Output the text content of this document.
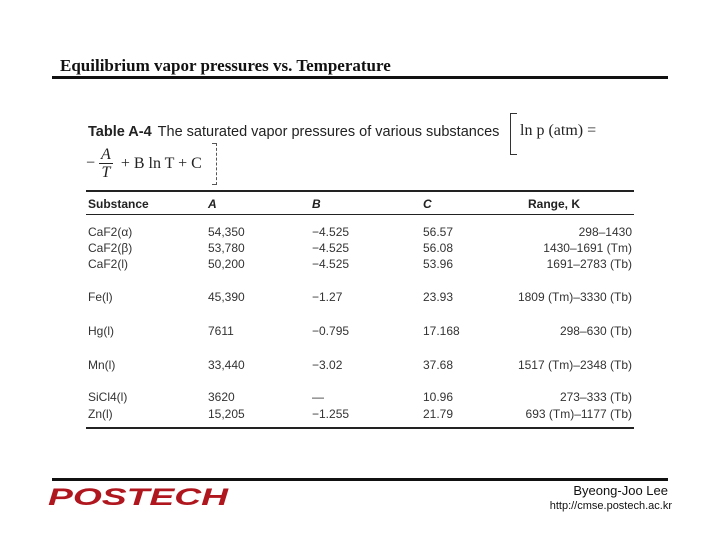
Equilibrium vapor pressures vs. Temperature
Table A-4 The saturated vapor pressures of various substances	ln p (atm) =
− $\frac{A}{T} + B$ ln T + C
Substance	A	B	C	Range, K
CaF2(α)	54,350	−4.525	56.57	298–1430
CaF2(β)	53,780	−4.525	56.08	1430–1691 (Tm)
CaF2(l)	50,200	−4.525	53.96	1691–2783 (Tb)
Fe(l)	45,390	−1.27	23.93	1809 (Tm)–3330 (Tb)
Hg(l)	7611	−0.795	17.168	298–630 (Tb)
Mn(l)	33,440	−3.02	37.68	1517 (Tm)–2348 (Tb)
SiCl4(l)	3620	—	10.96	273–333 (Tb)
Zn(l)	15,205	−1.255	21.79	693 (Tm)–1177 (Tb)
POSTECH	Byeong-Joo Lee
http://cmse.postech.ac.kr
